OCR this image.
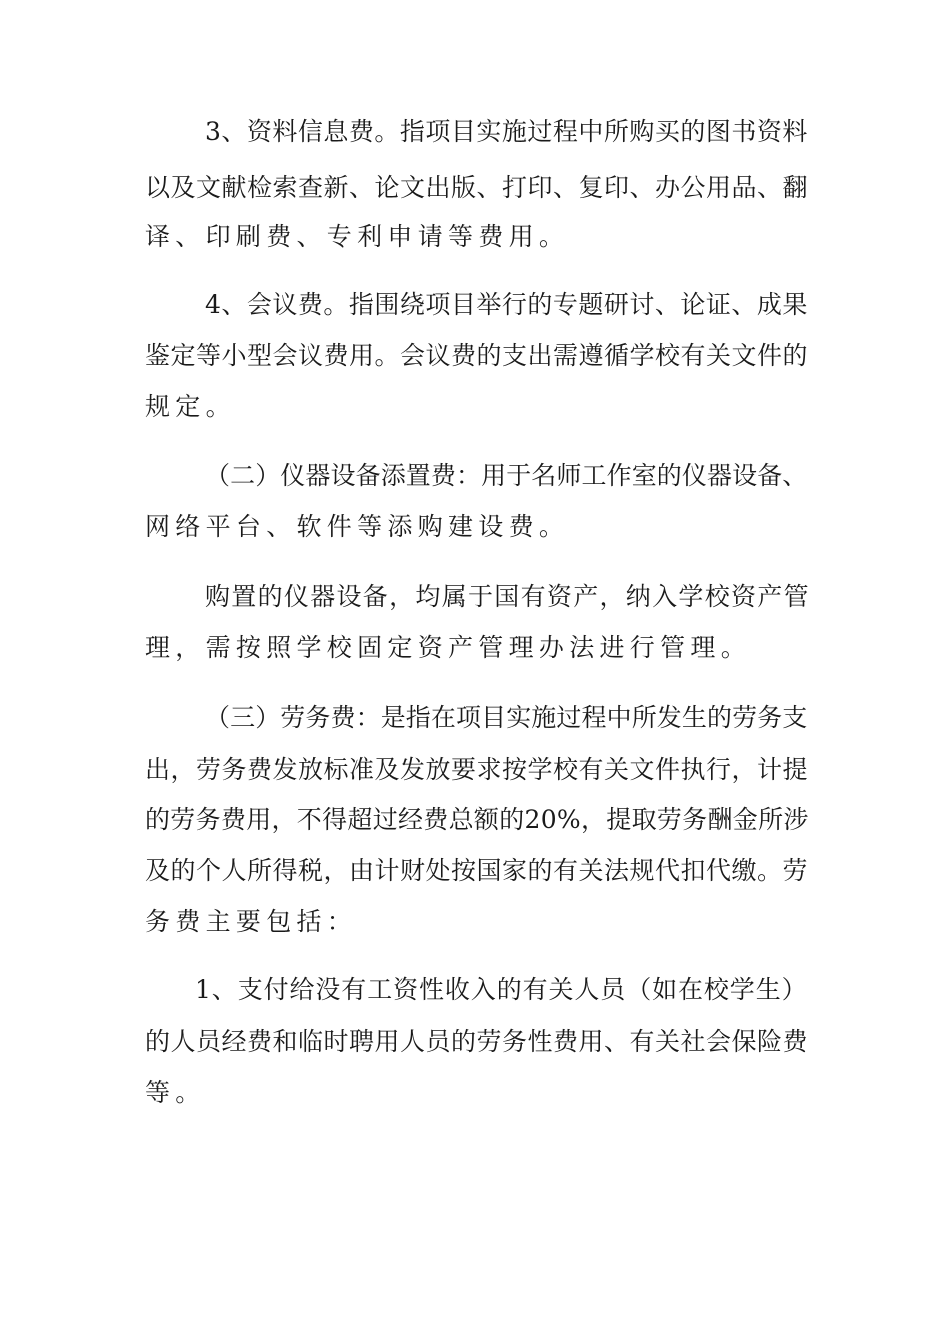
3、资料信息费。指项目实施过程中所购买的图书资料
以及文献检索查新、论文出版、打印、复印、办公用品、翻
译、印刷费、专利申请等费用。
4、会议费。指围绕项目举行的专题研讨、论证、成果
鉴定等小型会议费用。会议费的支出需遵循学校有关文件的
规定。
（二）仪器设备添置费：用于名师工作室的仪器设备、
网络平台、软件等添购建设费。
购置的仪器设备，均属于国有资产，纳入学校资产管
理，需按照学校固定资产管理办法进行管理。
（三）劳务费：是指在项目实施过程中所发生的劳务支
出，劳务费发放标准及发放要求按学校有关文件执行，计提
的劳务费用，不得超过经费总额的20%，提取劳务酬金所涉
及的个人所得税，由计财处按国家的有关法规代扣代缴。劳
务费主要包括：
1、支付给没有工资性收入的有关人员（如在校学生）
的人员经费和临时聘用人员的劳务性费用、有关社会保险费
等。
